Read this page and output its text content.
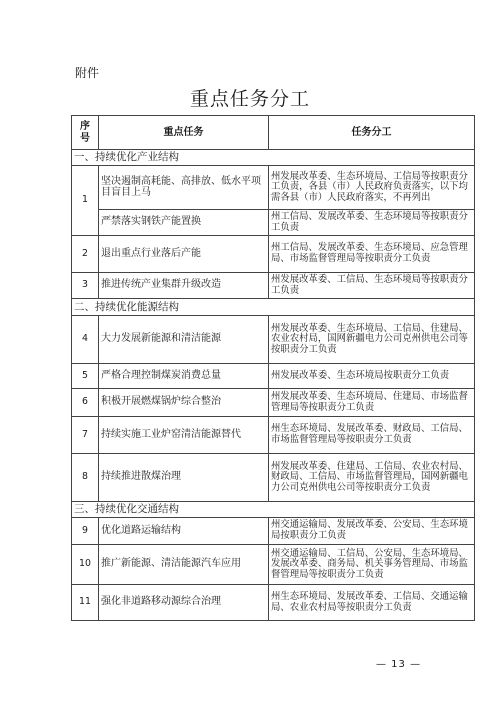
附件
重点任务分工
序
号	重点任务	任务分工
一、持续优化产业结构		
1	坚决遏制高耗能、高排放、低水平项目盲目上马	州发展改革委、生态环境局、工信局等按职责分工负责，各县（市）人民政府负责落实，以下均需各县（市）人民政府落实，不再列出
	严禁落实钢铁产能置换	州工信局、发展改革委、生态环境局等按职责分工负责
2	退出重点行业落后产能	州工信局、发展改革委、生态环境局、应急管理局、市场监督管理局等按职责分工负责
3	推进传统产业集群升级改造	州发展改革委、工信局、生态环境局等按职责分工负责
二、持续优化能源结构		
4	大力发展新能源和清洁能源	州发展改革委、生态环境局、工信局、住建局、农业农村局，国网新疆电力公司克州供电公司等按职责分工负责
5	严格合理控制煤炭消费总量	州发展改革委、生态环境局按职责分工负责
6	积极开展燃煤锅炉综合整治	州发展改革委、生态环境局、住建局、市场监督管理局等按职责分工负责
7	持续实施工业炉窑清洁能源替代	州生态环境局、发展改革委、财政局、工信局、市场监督管理局等按职责分工负责
8	持续推进散煤治理	州发展改革委、住建局、工信局、农业农村局、财政局、工信局、市场监督管理局，国网新疆电力公司克州供电公司等按职责分工负责
三、持续优化交通结构		
9	优化道路运输结构	州交通运输局、发展改革委、公安局、生态环境局按职责分工负责
10	推广新能源、清洁能源汽车应用	州交通运输局、工信局、公安局、生态环境局、发展改革委、商务局、机关事务管理局、市场监督管理局等按职责分工负责
11	强化非道路移动源综合治理	州生态环境局、发展改革委、工信局、交通运输局、农业农村局等按职责分工负责
— 13 —
